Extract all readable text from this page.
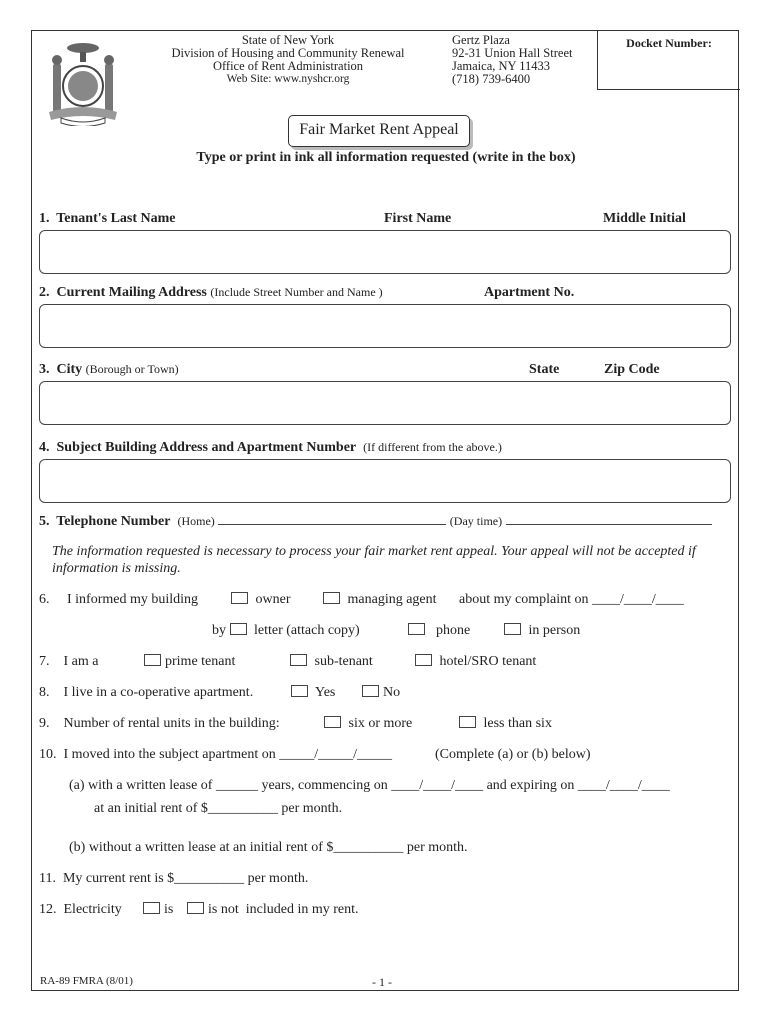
State of New York
Division of Housing and Community Renewal
Office of Rent Administration
Web Site: www.nyshcr.org
Gertz Plaza
92-31 Union Hall Street
Jamaica, NY 11433
(718) 739-6400
Docket Number:
Fair Market Rent Appeal
Type or print in ink all information requested (write in the box)
1. Tenant's Last Name	First Name	Middle Initial
2. Current Mailing Address (Include Street Number and Name )	Apartment No.
3. City (Borough or Town)	State	Zip Code
4. Subject Building Address and Apartment Number (If different from the above.)
5. Telephone Number (Home)	(Day time)
The information requested is necessary to process your fair market rent appeal. Your appeal will not be accepted if information is missing.
6.     I informed my building	owner	managing agent about my complaint on ____/____/____
by letter (attach copy)	phone	in person
7. I am a	prime tenant	sub-tenant	hotel/SRO tenant
8. I live in a co-operative apartment.	Yes	No
9. Number of rental units in the building:	six or more	less than six
10. I moved into the subject apartment on _____/_____/_____	(Complete (a) or (b) below)
(a) with a written lease of ______ years, commencing on ____/____/____ and expiring on ____/____/____
at an initial rent of $__________ per month.
(b) without a written lease at an initial rent of $__________ per month.
11. My current rent is $__________ per month.
12. Electricity	is	is not included in my rent.
RA-89 FMRA (8/01)	- 1 -
